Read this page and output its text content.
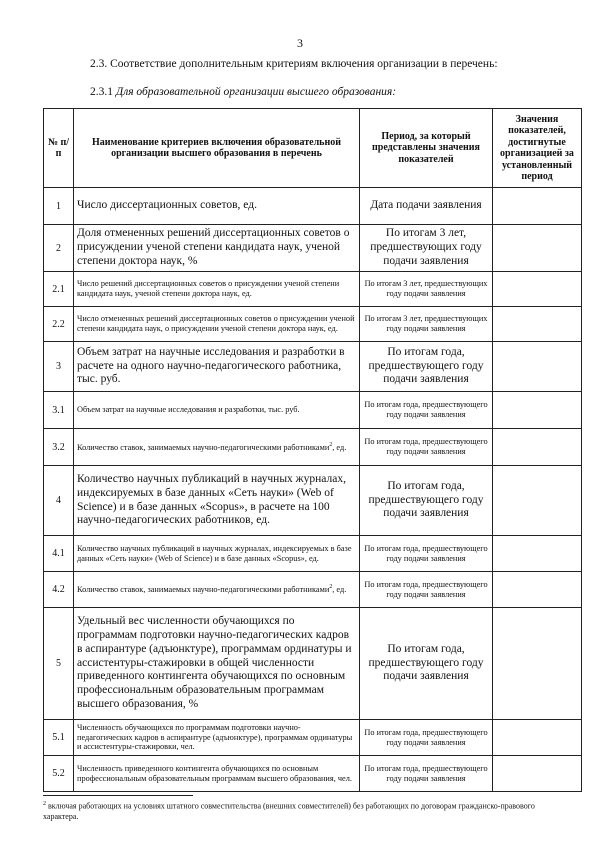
3
2.3. Соответствие дополнительным критериям включения организации в перечень:
2.3.1 Для образовательной организации высшего образования:
№ п/п	Наименование критериев включения образовательной организации высшего образования в перечень	Период, за который представлены значения показателей	Значения показателей, достигнутые организацией за установленный период
1	Число диссертационных советов, ед.	Дата подачи заявления	
2	Доля отмененных решений диссертационных советов о присуждении ученой степени кандидата наук, ученой степени доктора наук, %	По итогам 3 лет, предшествующих году подачи заявления	
2.1	Число решений диссертационных советов о присуждении ученой степени кандидата наук, ученой степени доктора наук, ед.	По итогам 3 лет, предшествующих году подачи заявления	
2.2	Число отмененных решений диссертационных советов о присуждении ученой степени кандидата наук, о присуждении ученой степени доктора наук, ед.	По итогам 3 лет, предшествующих году подачи заявления	
3	Объем затрат на научные исследования и разработки в расчете на одного научно-педагогического работника, тыс. руб.	По итогам года, предшествующего году подачи заявления	
3.1	Объем затрат на научные исследования и разработки, тыс. руб.	По итогам года, предшествующего году подачи заявления	
3.2	Количество ставок, занимаемых научно-педагогическими работниками$^2$, ед.	По итогам года, предшествующего году подачи заявления	
4	Количество научных публикаций в научных журналах, индексируемых в базе данных «Сеть науки» (Web of Science) и в базе данных «Scopus», в расчете на 100 научно-педагогических работников, ед.	По итогам года, предшествующего году подачи заявления	
4.1	Количество научных публикаций в научных журналах, индексируемых в базе данных «Сеть науки» (Web of Science) и в базе данных «Scopus», ед.	По итогам года, предшествующего году подачи заявления	
4.2	Количество ставок, занимаемых научно-педагогическими работниками$^2$, ед.	По итогам года, предшествующего году подачи заявления	
5	Удельный вес численности обучающихся по программам подготовки научно-педагогических кадров в аспирантуре (адъюнктуре), программам ординатуры и ассистентуры-стажировки в общей численности приведенного контингента обучающихся по основным профессиональным образовательным программам высшего образования, %	По итогам года, предшествующего году подачи заявления	
5.1	Численность обучающихся по программам подготовки научно-педагогических кадров в аспирантуре (адъюнктуре), программам ординатуры и ассистентуры-стажировки, чел.	По итогам года, предшествующего году подачи заявления	
5.2	Численность приведенного контингента обучающихся по основным профессиональным образовательным программам высшего образования, чел.	По итогам года, предшествующего году подачи заявления	
$^2$ включая работающих на условиях штатного совместительства (внешних совместителей) без работающих по договорам гражданско-правового характера.
